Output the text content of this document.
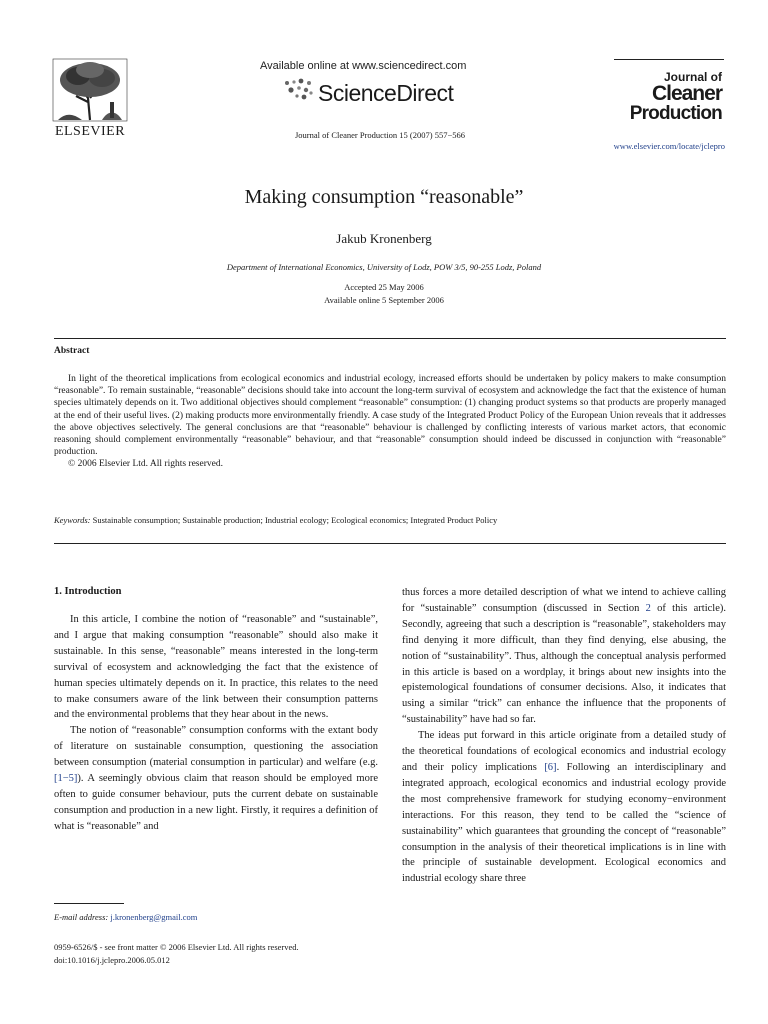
ELSEVIER
Available online at www.sciencedirect.com
ScienceDirect
Journal of Cleaner Production 15 (2007) 557−566
Journal of
Cleaner
Production
www.elsevier.com/locate/jclepro
Making consumption “reasonable”
Jakub Kronenberg
Department of International Economics, University of Lodz, POW 3/5, 90-255 Lodz, Poland
Accepted 25 May 2006
Available online 5 September 2006
Abstract

In light of the theoretical implications from ecological economics and industrial ecology, increased efforts should be undertaken by policy makers to make consumption “reasonable”. To remain sustainable, “reasonable” decisions should take into account the long-term survival of ecosystem and acknowledge the fact that the existence of human species ultimately depends on it. Two additional objectives should complement “reasonable” consumption: (1) changing product systems so that products are properly managed at the end of their useful lives. (2) making products more environmentally friendly. A case study of the Integrated Product Policy of the European Union reveals that it addresses the above objectives selectively. The general conclusions are that “reasonable” behaviour is challenged by conflicting interests of various market actors, that economic reasoning should complement environmentally “reasonable” behaviour, and that “reasonable” consumption should indeed be discussed in conjunction with “reasonable” production.

© 2006 Elsevier Ltd. All rights reserved.

Keywords: Sustainable consumption; Sustainable production; Industrial ecology; Ecological economics; Integrated Product Policy
1. Introduction

In this article, I combine the notion of “reasonable” and “sustainable”, and I argue that making consumption “reasonable” should also make it sustainable. In this sense, “reasonable” means interested in the long-term survival of ecosystem and acknowledging the fact that the existence of human species ultimately depends on it. In practice, this relates to the need to make consumers aware of the link between their consumption patterns and the environmental problems that they hear about in the news.

The notion of “reasonable” consumption conforms with the extant body of literature on sustainable consumption, questioning the association between consumption (material consumption in particular) and welfare (e.g. [1−5]). A seemingly obvious claim that reason should be employed more often to guide consumer behaviour, puts the current debate on sustainable consumption and production in a new light. Firstly, it requires a definition of what is “reasonable” and

thus forces a more detailed description of what we intend to achieve calling for “sustainable” consumption (discussed in Section 2 of this article). Secondly, agreeing that such a description is “reasonable”, stakeholders may find denying it more difficult, than they find denying, else abusing, the notion of “sustainability”. Thus, although the conceptual analysis performed in this article is based on a wordplay, it brings about new insights into the epistemological foundations of consumer decisions. Also, it indicates that using a similar “trick” can enhance the influence that the proponents of “sustainability” have had so far.

The ideas put forward in this article originate from a detailed study of the theoretical foundations of ecological economics and industrial ecology and their policy implications [6]. Following an interdisciplinary and integrated approach, ecological economics and industrial ecology provide the most comprehensive framework for studying economy−environment interactions. For this reason, they tend to be called the “science of sustainability” which guarantees that grounding the concept of “reasonable” consumption in the analysis of their theoretical implications is in line with the principle of sustainable development. Ecological economics and industrial ecology share three

E-mail address: j.kronenberg@gmail.com
0959-6526/$ - see front matter © 2006 Elsevier Ltd. All rights reserved.
doi:10.1016/j.jclepro.2006.05.012
